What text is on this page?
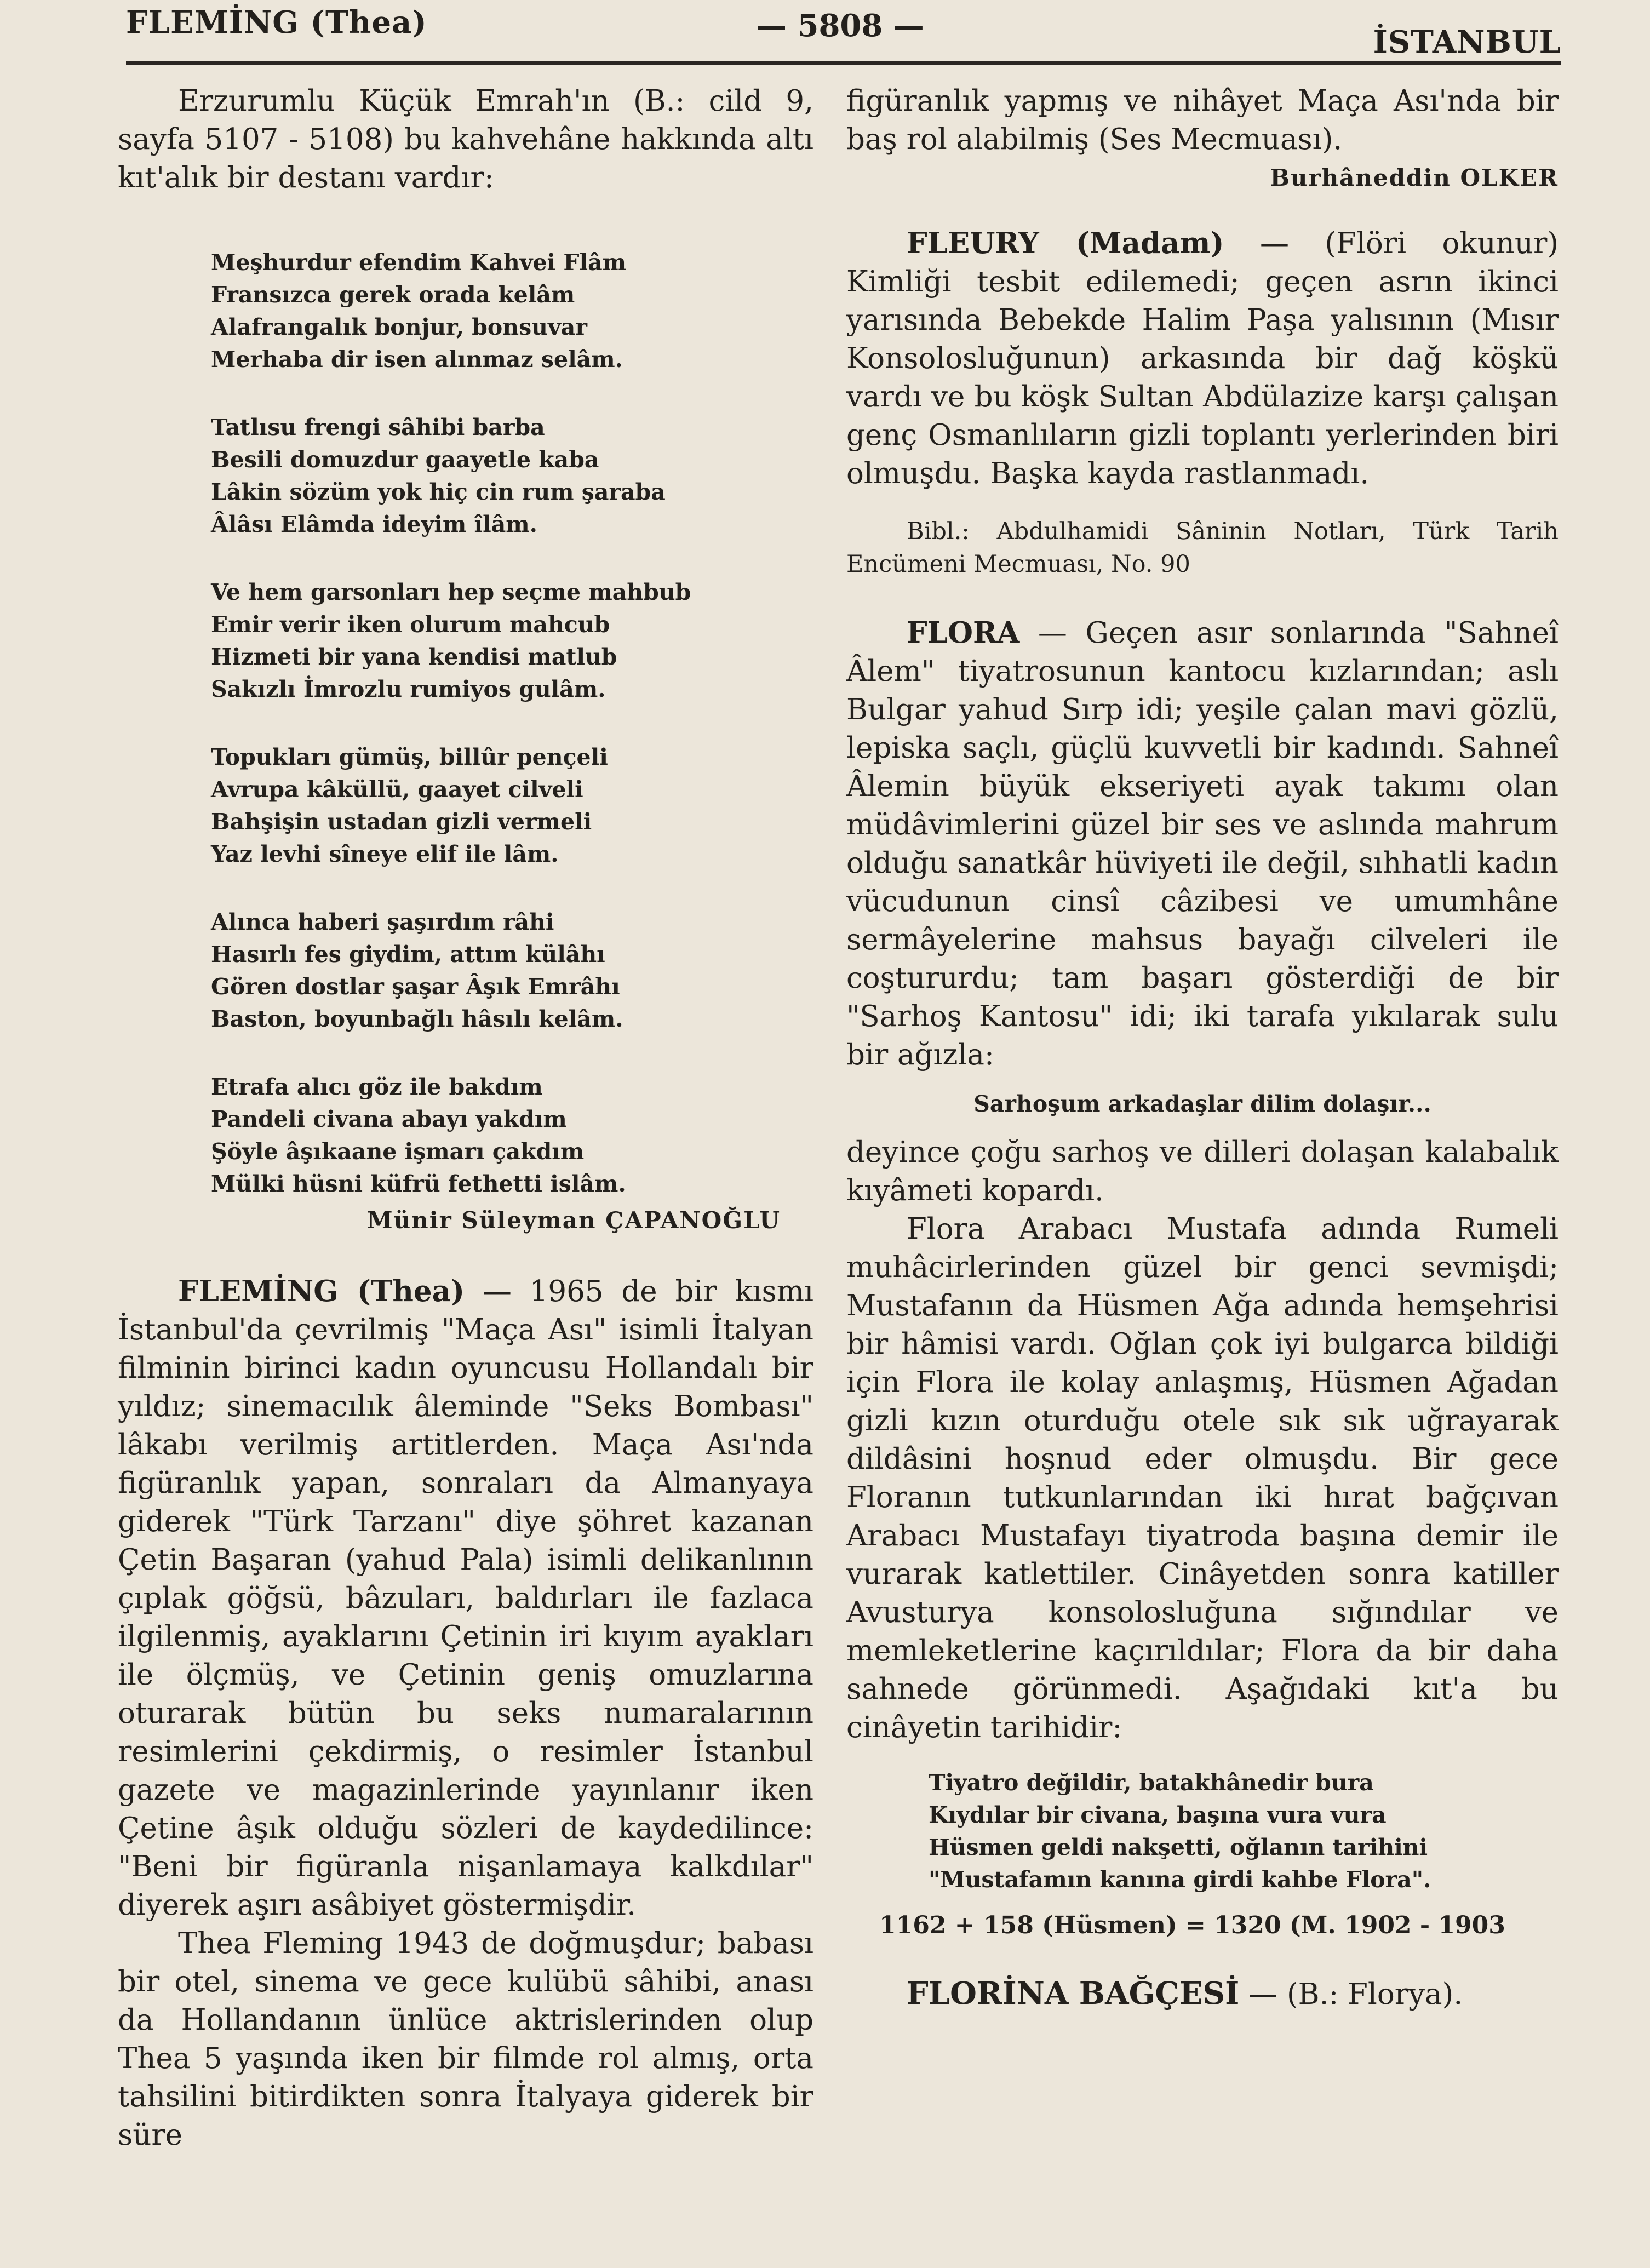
FLEMİNG (Thea)	— 5808 —	İSTANBUL

Erzurumlu Küçük Emrah'ın (B.: cild 9, sayfa 5107 - 5108) bu kahvehâne hakkında altı kıt'alık bir destanı vardır:

Meşhurdur efendim Kahvei Flâm
Fransızca gerek orada kelâm
Alafrangalık bonjur, bonsuvar
Merhaba dir isen alınmaz selâm.
Tatlısu frengi sâhibi barba
Besili domuzdur gaayetle kaba
Lâkin sözüm yok hiç cin rum şaraba
Âlâsı Elâmda ideyim îlâm.
Ve hem garsonları hep seçme mahbub
Emir verir iken olurum mahcub
Hizmeti bir yana kendisi matlub
Sakızlı İmrozlu rumiyos gulâm.
Topukları gümüş, billûr pençeli
Avrupa kâküllü, gaayet cilveli
Bahşişin ustadan gizli vermeli
Yaz levhi sîneye elif ile lâm.
Alınca haberi şaşırdım râhi
Hasırlı fes giydim, attım külâhı
Gören dostlar şaşar Âşık Emrâhı
Baston, boyunbağlı hâsılı kelâm.
Etrafa alıcı göz ile bakdım
Pandeli civana abayı yakdım
Şöyle âşıkaane işmarı çakdım
Mülki hüsni küfrü fethetti islâm.

Münir Süleyman ÇAPANOĞLU

FLEMİNG (Thea) — 1965 de bir kısmı İstanbul'da çevrilmiş "Maça Ası" isimli İtalyan filminin birinci kadın oyuncusu Hollandalı bir yıldız; sinemacılık âleminde "Seks Bombası" lâkabı verilmiş artitlerden. Maça Ası'nda figüranlık yapan, sonraları da Almanyaya giderek "Türk Tarzanı" diye şöhret kazanan Çetin Başaran (yahud Pala) isimli delikanlının çıplak göğsü, bâzuları, baldırları ile fazlaca ilgilenmiş, ayaklarını Çetinin iri kıyım ayakları ile ölçmüş, ve Çetinin geniş omuzlarına oturarak bütün bu seks numaralarının resimlerini çekdirmiş, o resimler İstanbul gazete ve magazinlerinde yayınlanır iken Çetine âşık olduğu sözleri de kaydedilince: "Beni bir figüranla nişanlamaya kalkdılar" diyerek aşırı asâbiyet göstermişdir.

Thea Fleming 1943 de doğmuşdur; babası bir otel, sinema ve gece kulübü sâhibi, anası da Hollandanın ünlüce aktrislerinden olup Thea 5 yaşında iken bir filmde rol almış, orta tahsilini bitirdikten sonra İtalyaya giderek bir süre

figüranlık yapmış ve nihâyet Maça Ası'nda bir baş rol alabilmiş (Ses Mecmuası).

Burhâneddin OLKER

FLEURY (Madam) — (Flöri okunur) Kimliği tesbit edilemedi; geçen asrın ikinci yarısında Bebekde Halim Paşa yalısının (Mısır Konsolosluğunun) arkasında bir dağ köşkü vardı ve bu köşk Sultan Abdülazize karşı çalışan genç Osmanlıların gizli toplantı yerlerinden biri olmuşdu. Başka kayda rastlanmadı.

Bibl.: Abdulhamidi Sâninin Notları, Türk Tarih Encümeni Mecmuası, No. 90

FLORA — Geçen asır sonlarında "Sahneî Âlem" tiyatrosunun kantocu kızlarından; aslı Bulgar yahud Sırp idi; yeşile çalan mavi gözlü, lepiska saçlı, güçlü kuvvetli bir kadındı. Sahneî Âlemin büyük ekseriyeti ayak takımı olan müdâvimlerini güzel bir ses ve aslında mahrum olduğu sanatkâr hüviyeti ile değil, sıhhatli kadın vücudunun cinsî câzibesi ve umumhâne sermâyelerine mahsus bayağı cilveleri ile coştururdu; tam başarı gösterdiği de bir "Sarhoş Kantosu" idi; iki tarafa yıkılarak sulu bir ağızla:

Sarhoşum arkadaşlar dilim dolaşır...

deyince çoğu sarhoş ve dilleri dolaşan kalabalık kıyâmeti kopardı.

Flora Arabacı Mustafa adında Rumeli muhâcirlerinden güzel bir genci sevmişdi; Mustafanın da Hüsmen Ağa adında hemşehrisi bir hâmisi vardı. Oğlan çok iyi bulgarca bildiği için Flora ile kolay anlaşmış, Hüsmen Ağadan gizli kızın oturduğu otele sık sık uğrayarak dildâsini hoşnud eder olmuşdu. Bir gece Floranın tutkunlarından iki hırat bağçıvan Arabacı Mustafayı tiyatroda başına demir ile vurarak katlettiler. Cinâyetden sonra katiller Avusturya konsolosluğuna sığındılar ve memleketlerine kaçırıldılar; Flora da bir daha sahnede görünmedi. Aşağıdaki kıt'a bu cinâyetin tarihidir:

Tiyatro değildir, batakhânedir bura
Kıydılar bir civana, başına vura vura
Hüsmen geldi nakşetti, oğlanın tarihini
"Mustafamın kanına girdi kahbe Flora".

1162 + 158 (Hüsmen) = 1320 (M. 1902 - 1903

FLORİNA BAĞÇESİ — (B.: Florya).
